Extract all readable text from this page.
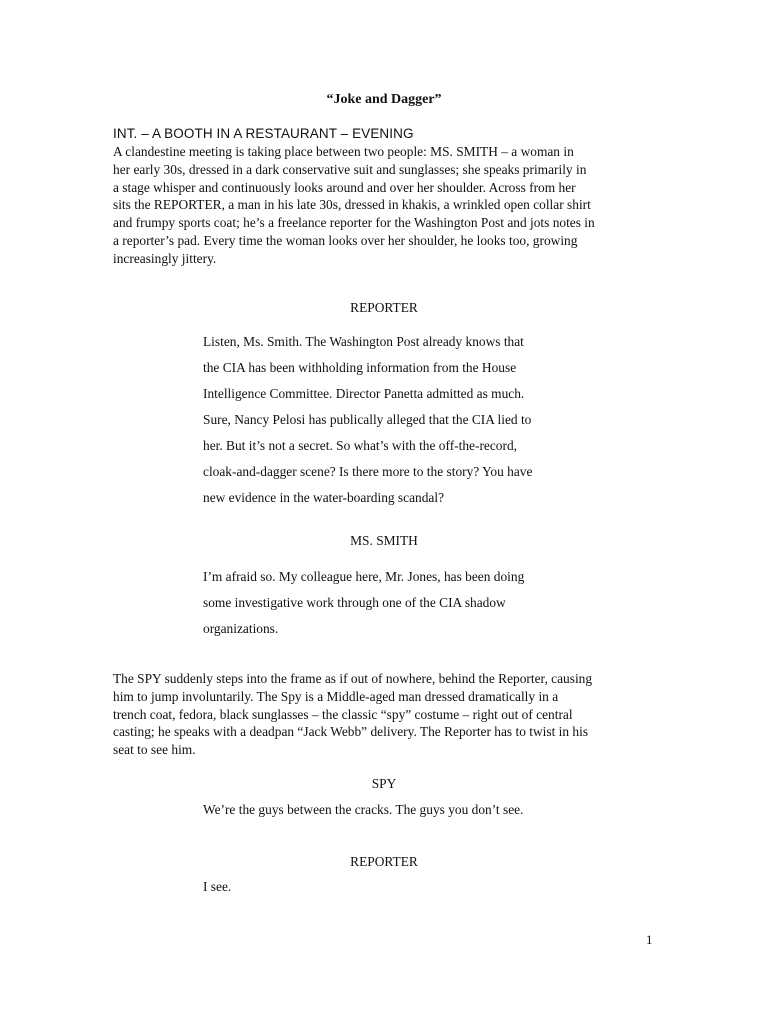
“Joke and Dagger”
INT. – A BOOTH IN A RESTAURANT – EVENING
A clandestine meeting is taking place between two people: MS. SMITH – a woman in
her early 30s, dressed in a dark conservative suit and sunglasses; she speaks primarily in
a stage whisper and continuously looks around and over her shoulder. Across from her
sits the REPORTER, a man in his late 30s, dressed in khakis, a wrinkled open collar shirt
and frumpy sports coat; he’s a freelance reporter for the Washington Post and jots notes in
a reporter’s pad. Every time the woman looks over her shoulder, he looks too, growing
increasingly jittery.
REPORTER
Listen, Ms. Smith. The Washington Post already knows that
the CIA has been withholding information from the House
Intelligence Committee. Director Panetta admitted as much.
Sure, Nancy Pelosi has publically alleged that the CIA lied to
her. But it’s not a secret. So what’s with the off-the-record,
cloak-and-dagger scene? Is there more to the story? You have
new evidence in the water-boarding scandal?
MS. SMITH
I’m afraid so. My colleague here, Mr. Jones, has been doing
some investigative work through one of the CIA shadow
organizations.
The SPY suddenly steps into the frame as if out of nowhere, behind the Reporter, causing
him to jump involuntarily. The Spy is a Middle-aged man dressed dramatically in a
trench coat, fedora, black sunglasses – the classic “spy” costume – right out of central
casting; he speaks with a deadpan “Jack Webb” delivery. The Reporter has to twist in his
seat to see him.
SPY
We’re the guys between the cracks. The guys you don’t see.
REPORTER
I see.
1
